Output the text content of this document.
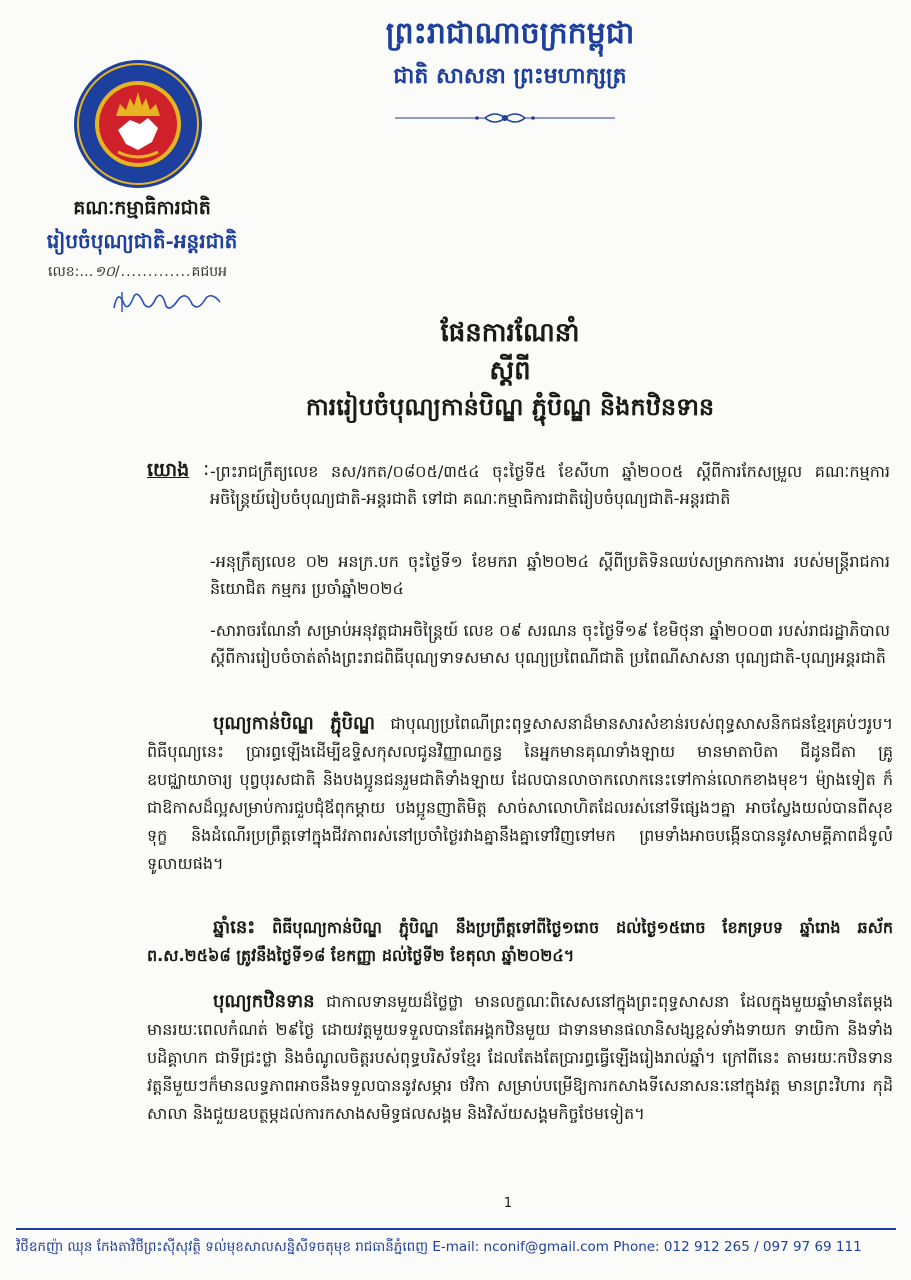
ព្រះរាជាណាចក្រកម្ពុជា
ជាតិ សាសនា ព្រះមហាក្សត្រ
គណៈកម្មាធិការជាតិ
រៀបចំបុណ្យជាតិ-អន្តរជាតិ
លេខ:…១០/.............គជបអ
ផែនការណែនាំ
ស្តីពី
ការរៀបចំបុណ្យកាន់បិណ្ឌ ភ្ជុំបិណ្ឌ និងកឋិនទាន
យោង : -ព្រះរាជក្រឹត្យលេខ នស/រកត/០៨០៥/៣៥៤ ចុះថ្ងៃទី៥ ខែសីហា ឆ្នាំ២០០៥ ស្តីពីការកែសម្រួល គណៈកម្មការអចិន្ត្រៃយ៍រៀបចំបុណ្យជាតិ-អន្តរជាតិ ទៅជា គណៈកម្មាធិការជាតិរៀបចំបុណ្យជាតិ-អន្តរជាតិ
-អនុក្រឹត្យលេខ ០២ អនក្រ.បក ចុះថ្ងៃទី១ ខែមករា ឆ្នាំ២០២៤ ស្តីពីប្រតិទិនឈប់សម្រាកការងារ របស់មន្ត្រីរាជការ និយោជិត កម្មករ ប្រចាំឆ្នាំ២០២៤
-សារាចរណែនាំ សម្រាប់អនុវត្តជាអចិន្ត្រៃយ៍ លេខ ០៩ សរណន ចុះថ្ងៃទី១៩ ខែមិថុនា ឆ្នាំ២០០៣ របស់រាជរដ្ឋាភិបាល ស្តីពីការរៀបចំចាត់តាំងព្រះរាជពិធីបុណ្យទាទសមាស បុណ្យប្រពៃណីជាតិ ប្រពៃណីសាសនា បុណ្យជាតិ-បុណ្យអន្តរជាតិ
បុណ្យកាន់បិណ្ឌ ភ្ជុំបិណ្ឌ ជាបុណ្យប្រពៃណីព្រះពុទ្ធសាសនាដ៏មានសារសំខាន់របស់ពុទ្ធសាសនិកជនខ្មែរគ្រប់ៗរូប។ ពិធីបុណ្យនេះ ប្រារព្ធឡើងដើម្បីឧទ្ទិសកុសលជូនវិញ្ញាណក្ខន្ធ នៃអ្នកមានគុណទាំងឡាយ មានមាតាបិតា ជីដូនជីតា គ្រូឧបជ្ឈាយាចារ្យ បុព្វបុរសជាតិ និងបងប្អូនជនរួមជាតិទាំងឡាយ ដែលបានលាចាកលោកនេះទៅកាន់លោកខាងមុខ។ ម៉្យាងទៀត ក៏ជាឱកាសដ៏ល្អសម្រាប់ការជួបជុំឪពុកម្តាយ បងប្អូនញាតិមិត្ត សាច់សាលោហិតដែលរស់នៅទីផ្សេងៗគ្នា អាចស្វែងយល់បានពីសុខទុក្ខ និងដំណើរប្រព្រឹត្តទៅក្នុងជីវភាពរស់នៅប្រចាំថ្ងៃរវាងគ្នានឹងគ្នាទៅវិញទៅមក ព្រមទាំងអាចបង្កើនបាននូវសាមគ្គីភាពដ៏ទូលំទូលាយផង។
ឆ្នាំនេះ ពិធីបុណ្យកាន់បិណ្ឌ ភ្ជុំបិណ្ឌ នឹងប្រព្រឹត្តទៅពីថ្ងៃ១រោច ដល់ថ្ងៃ១៥រោច ខែភទ្របទ ឆ្នាំរោង ឆស័ក ព.ស.២៥៦៨ ត្រូវនឹងថ្ងៃទី១៨ ខែកញ្ញា ដល់ថ្ងៃទី២ ខែតុលា ឆ្នាំ២០២៤។
បុណ្យកឋិនទាន ជាកាលទានមួយដ៏ថ្លៃថ្លា មានលក្ខណៈពិសេសនៅក្នុងព្រះពុទ្ធសាសនា ដែលក្នុងមួយឆ្នាំមានតែម្តង មានរយៈពេលកំណត់ ២៩ថ្ងៃ ដោយវត្តមួយទទួលបានតែអង្គកឋិនមួយ ជាទានមានផលានិសង្សខ្ពស់ទាំងទាយក ទាយិកា និងទាំងបដិគ្គាហក ជាទីជ្រះថ្លា និងចំណូលចិត្តរបស់ពុទ្ធបរិស័ទខ្មែរ ដែលតែងតែប្រារព្ធធ្វើឡើងរៀងរាល់ឆ្នាំ។ ក្រៅពីនេះ តាមរយៈកឋិនទាន វត្តនីមួយៗក៏មានលទ្ធភាពអាចនឹងទទួលបាននូវសម្ភារ ថវិកា សម្រាប់បម្រើឱ្យការកសាងទីសេនាសនៈនៅក្នុងវត្ត មានព្រះវិហារ កុដិ សាលា និងជួយឧបត្ថម្ភដល់ការកសាងសមិទ្ធផលសង្គម និងវិស័យសង្គមកិច្ចថែមទៀត។
1
វិថីឧកញ៉ា ឈុន កែងតាវិថីព្រះស៊ីសុវត្ថិ ទល់មុខសាលសន្និសីទចតុមុខ រាជធានីភ្នំពេញ E-mail: nconif@gmail.com Phone: 012 912 265 / 097 97 69 111
